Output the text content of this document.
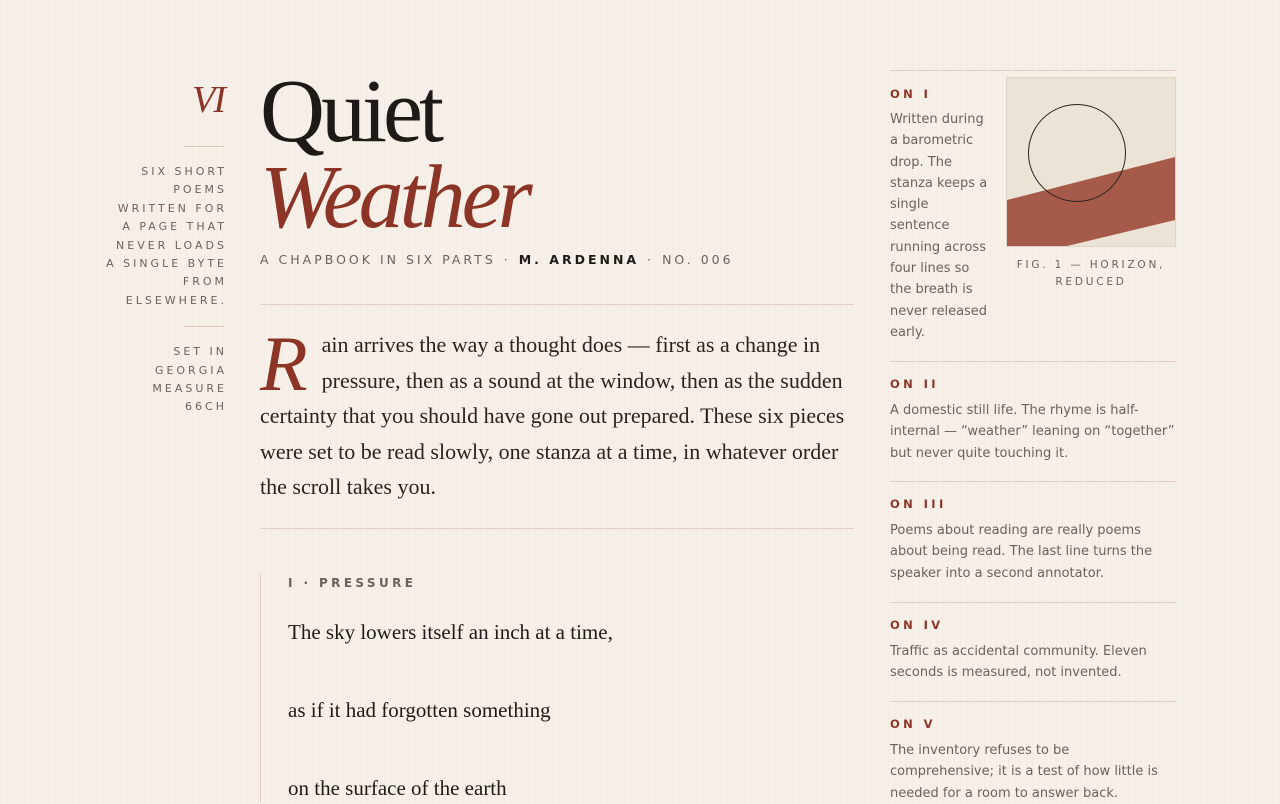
VI
SIX SHORT
POEMS
WRITTEN FOR
A PAGE THAT
NEVER LOADS
A SINGLE BYTE
FROM
ELSEWHERE.
SET IN
GEORGIA
MEASURE
66CH
Quiet
Weather
A CHAPBOOK IN SIX PARTS · M. ARDENNA · NO. 006
Rain arrives the way a thought does — first as a change in pressure, then as a sound at the window, then as the sudden certainty that you should have gone out prepared. These six pieces were set to be read slowly, one stanza at a time, in whatever order the scroll takes you.
I · PRESSURE
The sky lowers itself an inch at a time,
as if it had forgotten something
on the surface of the earth
ON I
Written during a barometric drop. The stanza keeps a single sentence running across four lines so the breath is never released early.
FIG. 1 — HORIZON, REDUCED
ON II
A domestic still life. The rhyme is half-internal — “weather” leaning on “together” but never quite touching it.
ON III
Poems about reading are really poems about being read. The last line turns the speaker into a second annotator.
ON IV
Traffic as accidental community. Eleven seconds is measured, not invented.
ON V
The inventory refuses to be comprehensive; it is a test of how little is needed for a room to answer back.
